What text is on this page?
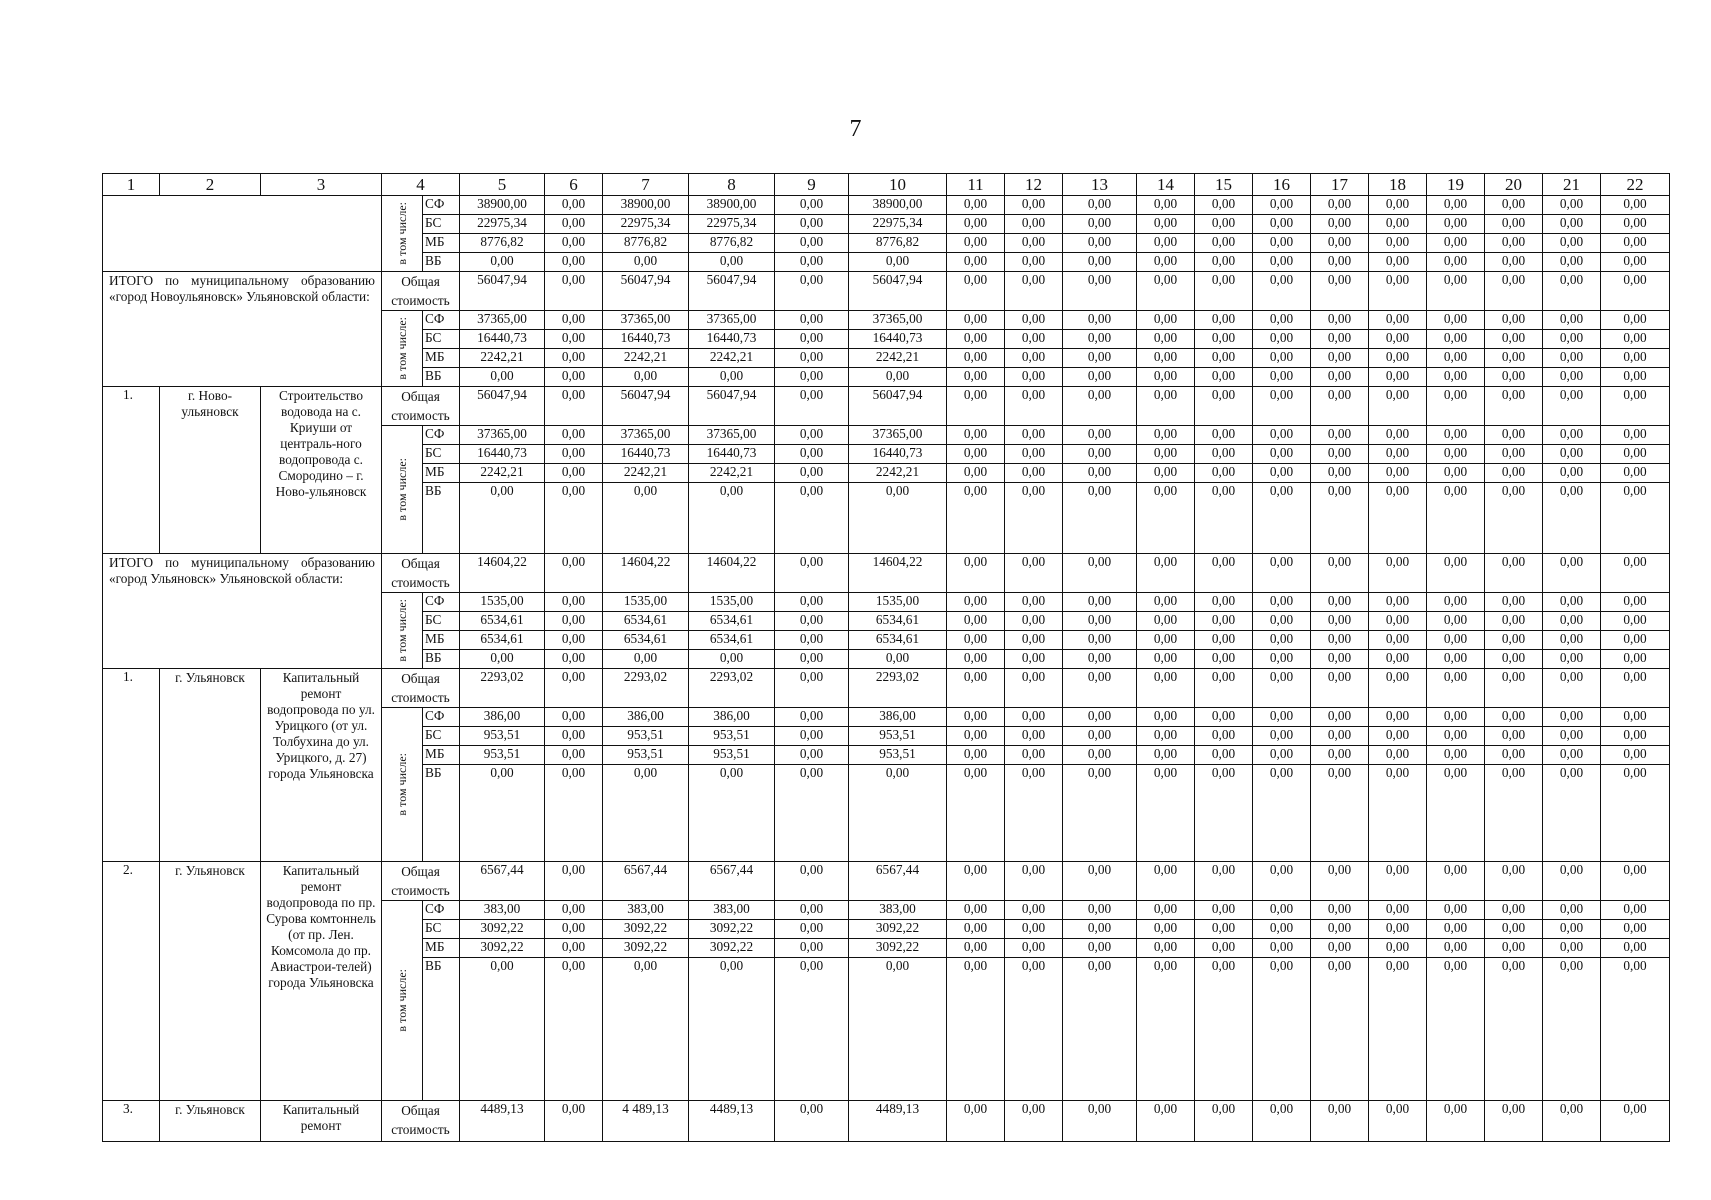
7
1	2	3	4		5	6	7	8	9	10	11	12	13	14	15	16	17	18	19	20	21	22

			в том числе:	СФ	38900,00	0,00	38900,00	38900,00	0,00	38900,00	0,00	0,00	0,00	0,00	0,00	0,00	0,00	0,00	0,00	0,00	0,00	0,00
				БС	22975,34	0,00	22975,34	22975,34	0,00	22975,34	0,00	0,00	0,00	0,00	0,00	0,00	0,00	0,00	0,00	0,00	0,00	0,00
				МБ	8776,82	0,00	8776,82	8776,82	0,00	8776,82	0,00	0,00	0,00	0,00	0,00	0,00	0,00	0,00	0,00	0,00	0,00	0,00
				ВБ	0,00	0,00	0,00	0,00	0,00	0,00	0,00	0,00	0,00	0,00	0,00	0,00	0,00	0,00	0,00	0,00	0,00	0,00
ИТОГО по муниципальному образованию «город Новоульяновск» Ульяновской области:			Общая стоимость		56047,94	0,00	56047,94	56047,94	0,00	56047,94	0,00	0,00	0,00	0,00	0,00	0,00	0,00	0,00	0,00	0,00	0,00	0,00

			в том числе:	СФ	37365,00	0,00	37365,00	37365,00	0,00	37365,00	0,00	0,00	0,00	0,00	0,00	0,00	0,00	0,00	0,00	0,00	0,00	0,00
				БС	16440,73	0,00	16440,73	16440,73	0,00	16440,73	0,00	0,00	0,00	0,00	0,00	0,00	0,00	0,00	0,00	0,00	0,00	0,00
				МБ	2242,21	0,00	2242,21	2242,21	0,00	2242,21	0,00	0,00	0,00	0,00	0,00	0,00	0,00	0,00	0,00	0,00	0,00	0,00
				ВБ	0,00	0,00	0,00	0,00	0,00	0,00	0,00	0,00	0,00	0,00	0,00	0,00	0,00	0,00	0,00	0,00	0,00	0,00
1.	г. Ново-ульяновск	Строительство водовода на с. Криуши от централь-ного водопровода с. Смородино – г. Ново-ульяновск	Общая стоимость		56047,94	0,00	56047,94	56047,94	0,00	56047,94	0,00	0,00	0,00	0,00	0,00	0,00	0,00	0,00	0,00	0,00	0,00	0,00

			в том числе:	СФ	37365,00	0,00	37365,00	37365,00	0,00	37365,00	0,00	0,00	0,00	0,00	0,00	0,00	0,00	0,00	0,00	0,00	0,00	0,00
				БС	16440,73	0,00	16440,73	16440,73	0,00	16440,73	0,00	0,00	0,00	0,00	0,00	0,00	0,00	0,00	0,00	0,00	0,00	0,00
				МБ	2242,21	0,00	2242,21	2242,21	0,00	2242,21	0,00	0,00	0,00	0,00	0,00	0,00	0,00	0,00	0,00	0,00	0,00	0,00
				ВБ	0,00	0,00	0,00	0,00	0,00	0,00	0,00	0,00	0,00	0,00	0,00	0,00	0,00	0,00	0,00	0,00	0,00	0,00
ИТОГО по муниципальному образованию «город Ульяновск» Ульяновской области:			Общая стоимость		14604,22	0,00	14604,22	14604,22	0,00	14604,22	0,00	0,00	0,00	0,00	0,00	0,00	0,00	0,00	0,00	0,00	0,00	0,00

			в том числе:	СФ	1535,00	0,00	1535,00	1535,00	0,00	1535,00	0,00	0,00	0,00	0,00	0,00	0,00	0,00	0,00	0,00	0,00	0,00	0,00
				БС	6534,61	0,00	6534,61	6534,61	0,00	6534,61	0,00	0,00	0,00	0,00	0,00	0,00	0,00	0,00	0,00	0,00	0,00	0,00
				МБ	6534,61	0,00	6534,61	6534,61	0,00	6534,61	0,00	0,00	0,00	0,00	0,00	0,00	0,00	0,00	0,00	0,00	0,00	0,00
				ВБ	0,00	0,00	0,00	0,00	0,00	0,00	0,00	0,00	0,00	0,00	0,00	0,00	0,00	0,00	0,00	0,00	0,00	0,00
1.	г. Ульяновск	Капитальный ремонт водопровода по ул. Урицкого (от ул. Толбухина до ул. Урицкого, д. 27) города Ульяновска	Общая стоимость		2293,02	0,00	2293,02	2293,02	0,00	2293,02	0,00	0,00	0,00	0,00	0,00	0,00	0,00	0,00	0,00	0,00	0,00	0,00

			в том числе:	СФ	386,00	0,00	386,00	386,00	0,00	386,00	0,00	0,00	0,00	0,00	0,00	0,00	0,00	0,00	0,00	0,00	0,00	0,00
				БС	953,51	0,00	953,51	953,51	0,00	953,51	0,00	0,00	0,00	0,00	0,00	0,00	0,00	0,00	0,00	0,00	0,00	0,00
				МБ	953,51	0,00	953,51	953,51	0,00	953,51	0,00	0,00	0,00	0,00	0,00	0,00	0,00	0,00	0,00	0,00	0,00	0,00
				ВБ	0,00	0,00	0,00	0,00	0,00	0,00	0,00	0,00	0,00	0,00	0,00	0,00	0,00	0,00	0,00	0,00	0,00	0,00
2.	г. Ульяновск	Капитальный ремонт водопровода по пр. Сурова комтоннель (от пр. Лен. Комсомола до пр. Авиастрои-телей) города Ульяновска	Общая стоимость		6567,44	0,00	6567,44	6567,44	0,00	6567,44	0,00	0,00	0,00	0,00	0,00	0,00	0,00	0,00	0,00	0,00	0,00	0,00

			в том числе:	СФ	383,00	0,00	383,00	383,00	0,00	383,00	0,00	0,00	0,00	0,00	0,00	0,00	0,00	0,00	0,00	0,00	0,00	0,00
				БС	3092,22	0,00	3092,22	3092,22	0,00	3092,22	0,00	0,00	0,00	0,00	0,00	0,00	0,00	0,00	0,00	0,00	0,00	0,00
				МБ	3092,22	0,00	3092,22	3092,22	0,00	3092,22	0,00	0,00	0,00	0,00	0,00	0,00	0,00	0,00	0,00	0,00	0,00	0,00
				ВБ	0,00	0,00	0,00	0,00	0,00	0,00	0,00	0,00	0,00	0,00	0,00	0,00	0,00	0,00	0,00	0,00	0,00	0,00
3.	г. Ульяновск	Капитальный ремонт	Общая стоимость		4489,13	0,00	4 489,13	4489,13	0,00	4489,13	0,00	0,00	0,00	0,00	0,00	0,00	0,00	0,00	0,00	0,00	0,00	0,00
